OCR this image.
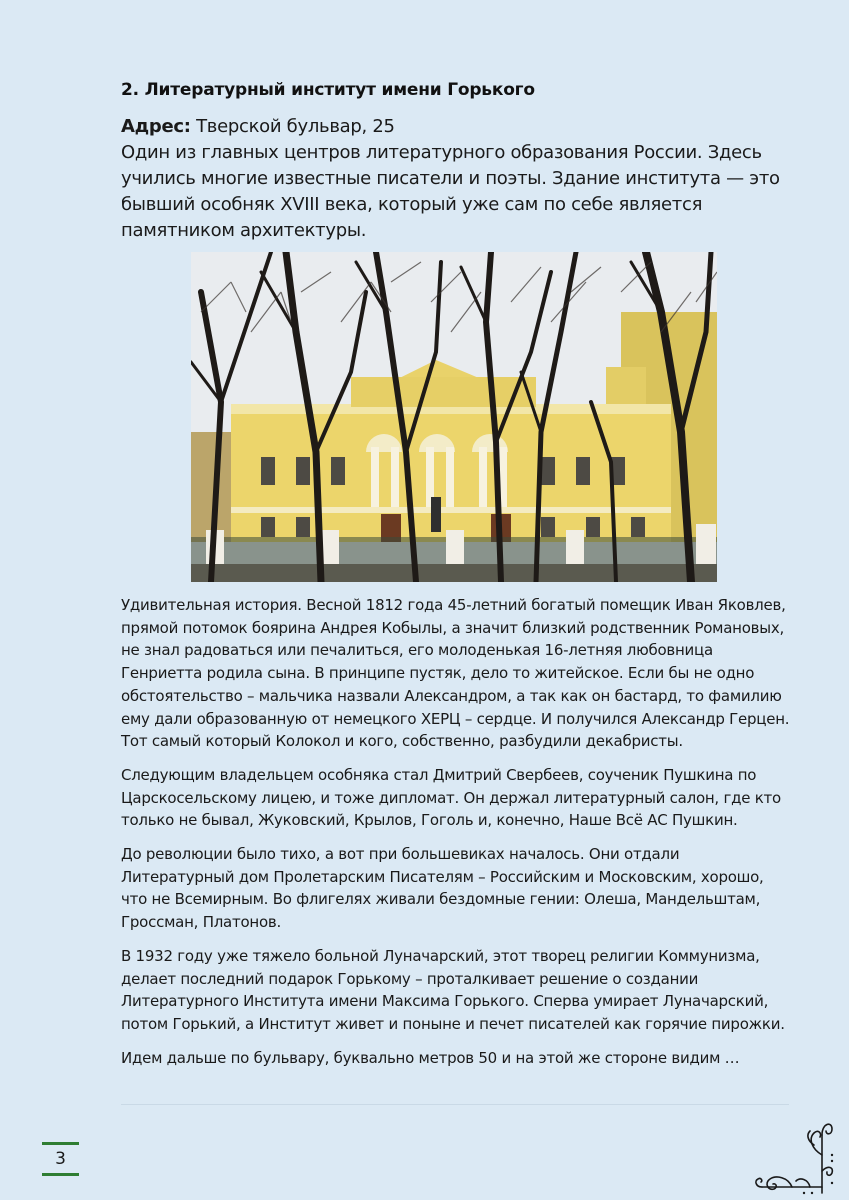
2. Литературный институт имени Горького

Адрес: Тверской бульвар, 25
Один из главных центров литературного образования России. Здесь учились многие известные писатели и поэты. Здание института — это бывший особняк XVIII века, который уже сам по себе является памятником архитектуры.

Удивительная история. Весной 1812 года 45-летний богатый помещик Иван Яковлев, прямой потомок боярина Андрея Кобылы, а значит близкий родственник Романовых, не знал радоваться или печалиться, его молоденькая 16-летняя любовница Генриетта родила сына. В принципе пустяк, дело то житейское. Если бы не одно обстоятельство – мальчика назвали Александром, а так как он бастард, то фамилию ему дали образованную от немецкого ХЕРЦ – сердце. И получился Александр Герцен. Тот самый который Колокол и кого, собственно, разбудили декабристы.

Следующим владельцем особняка стал Дмитрий Свербеев, соученик Пушкина по Царскосельскому лицею, и тоже дипломат. Он держал литературный салон, где кто только не бывал, Жуковский, Крылов, Гоголь и, конечно, Наше Всё АС Пушкин.

До революции было тихо, а вот при большевиках началось. Они отдали Литературный дом Пролетарским Писателям – Российским и Московским, хорошо, что не Всемирным. Во флигелях живали бездомные гении: Олеша, Мандельштам, Гроссман, Платонов.

В 1932 году уже тяжело больной Луначарский, этот творец религии Коммунизма, делает последний подарок Горькому – проталкивает решение о создании Литературного Института имени Максима Горького. Сперва умирает Луначарский, потом Горький, а Институт живет и поныне и печет писателей как горячие пирожки.

Идем дальше по бульвару, буквально метров 50 и на этой же стороне видим …

3
